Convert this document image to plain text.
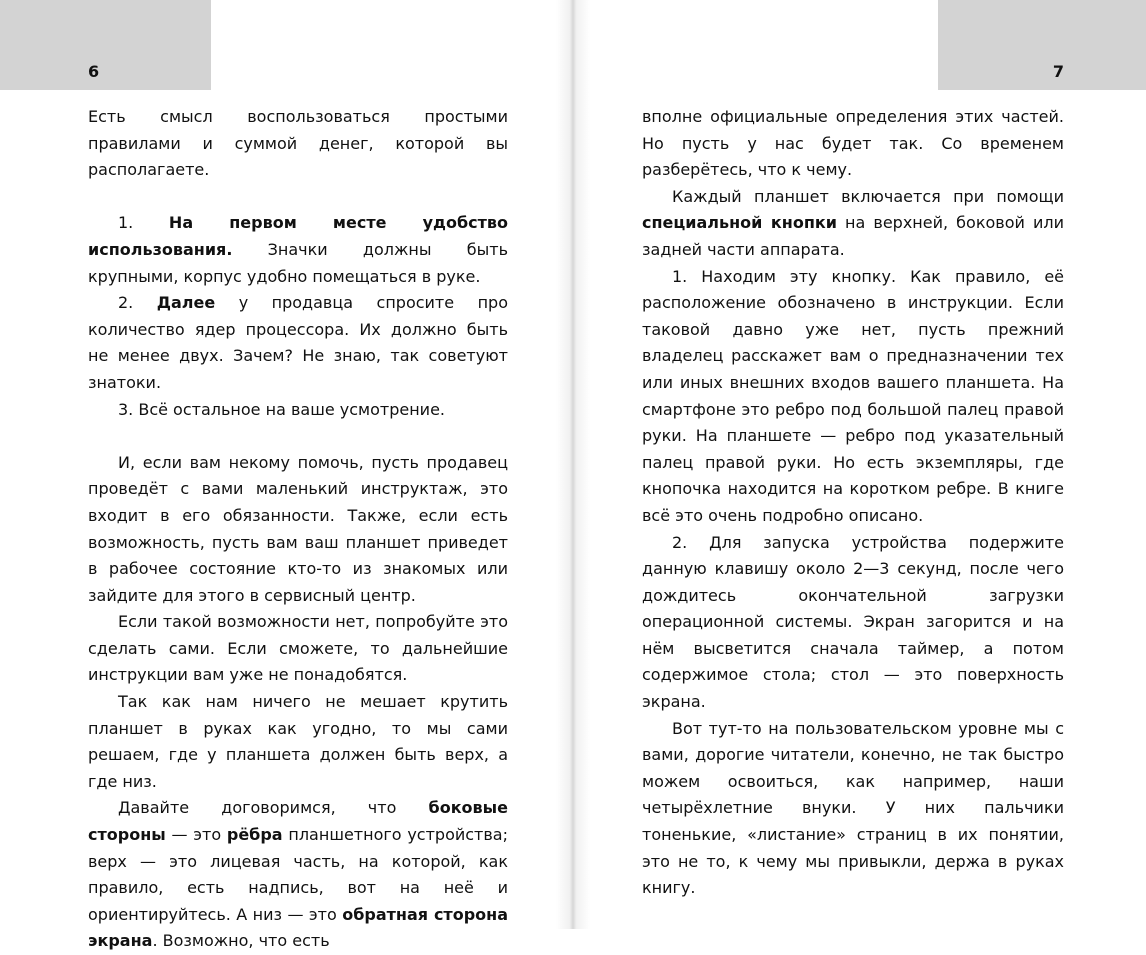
6

Есть смысл воспользоваться простыми правилами и суммой денег, которой вы располагаете.

1. На первом месте удобство использования. Значки должны быть крупными, корпус удобно помещаться в руке.

2. Далее у продавца спросите про количество ядер процессора. Их должно быть не менее двух. Зачем? Не знаю, так советуют знатоки.

3. Всё остальное на ваше усмотрение.

И, если вам некому помочь, пусть продавец проведёт с вами маленький инструктаж, это входит в его обязанности. Также, если есть возможность, пусть вам ваш планшет приведет в рабочее состояние кто-то из знакомых или зайдите для этого в сервисный центр.

Если такой возможности нет, попробуйте это сделать сами. Если сможете, то дальнейшие инструкции вам уже не понадобятся.

Так как нам ничего не мешает крутить планшет в руках как угодно, то мы сами решаем, где у планшета должен быть верх, а где низ.

Давайте договоримся, что боковые стороны — это рёбра планшетного устройства; верх — это лицевая часть, на которой, как правило, есть надпись, вот на неё и ориентируйтесь. А низ — это обратная сторона экрана. Возможно, что есть

7

вполне официальные определения этих частей. Но пусть у нас будет так. Со временем разберётесь, что к чему.

Каждый планшет включается при помощи специальной кнопки на верхней, боковой или задней части аппарата.

1. Находим эту кнопку. Как правило, её расположение обозначено в инструкции. Если таковой давно уже нет, пусть прежний владелец расскажет вам о предназначении тех или иных внешних входов вашего планшета. На смартфоне это ребро под большой палец правой руки. На планшете — ребро под указательный палец правой руки. Но есть экземпляры, где кнопочка находится на коротком ребре. В книге всё это очень подробно описано.

2. Для запуска устройства подержите данную клавишу около 2—3 секунд, после чего дождитесь окончательной загрузки операционной системы. Экран загорится и на нём высветится сначала таймер, а потом содержимое стола; стол — это поверхность экрана.

Вот тут-то на пользовательском уровне мы с вами, дорогие читатели, конечно, не так быстро можем освоиться, как например, наши четырёхлетние внуки. У них пальчики тоненькие, «листание» страниц в их понятии, это не то, к чему мы привыкли, держа в руках книгу.
